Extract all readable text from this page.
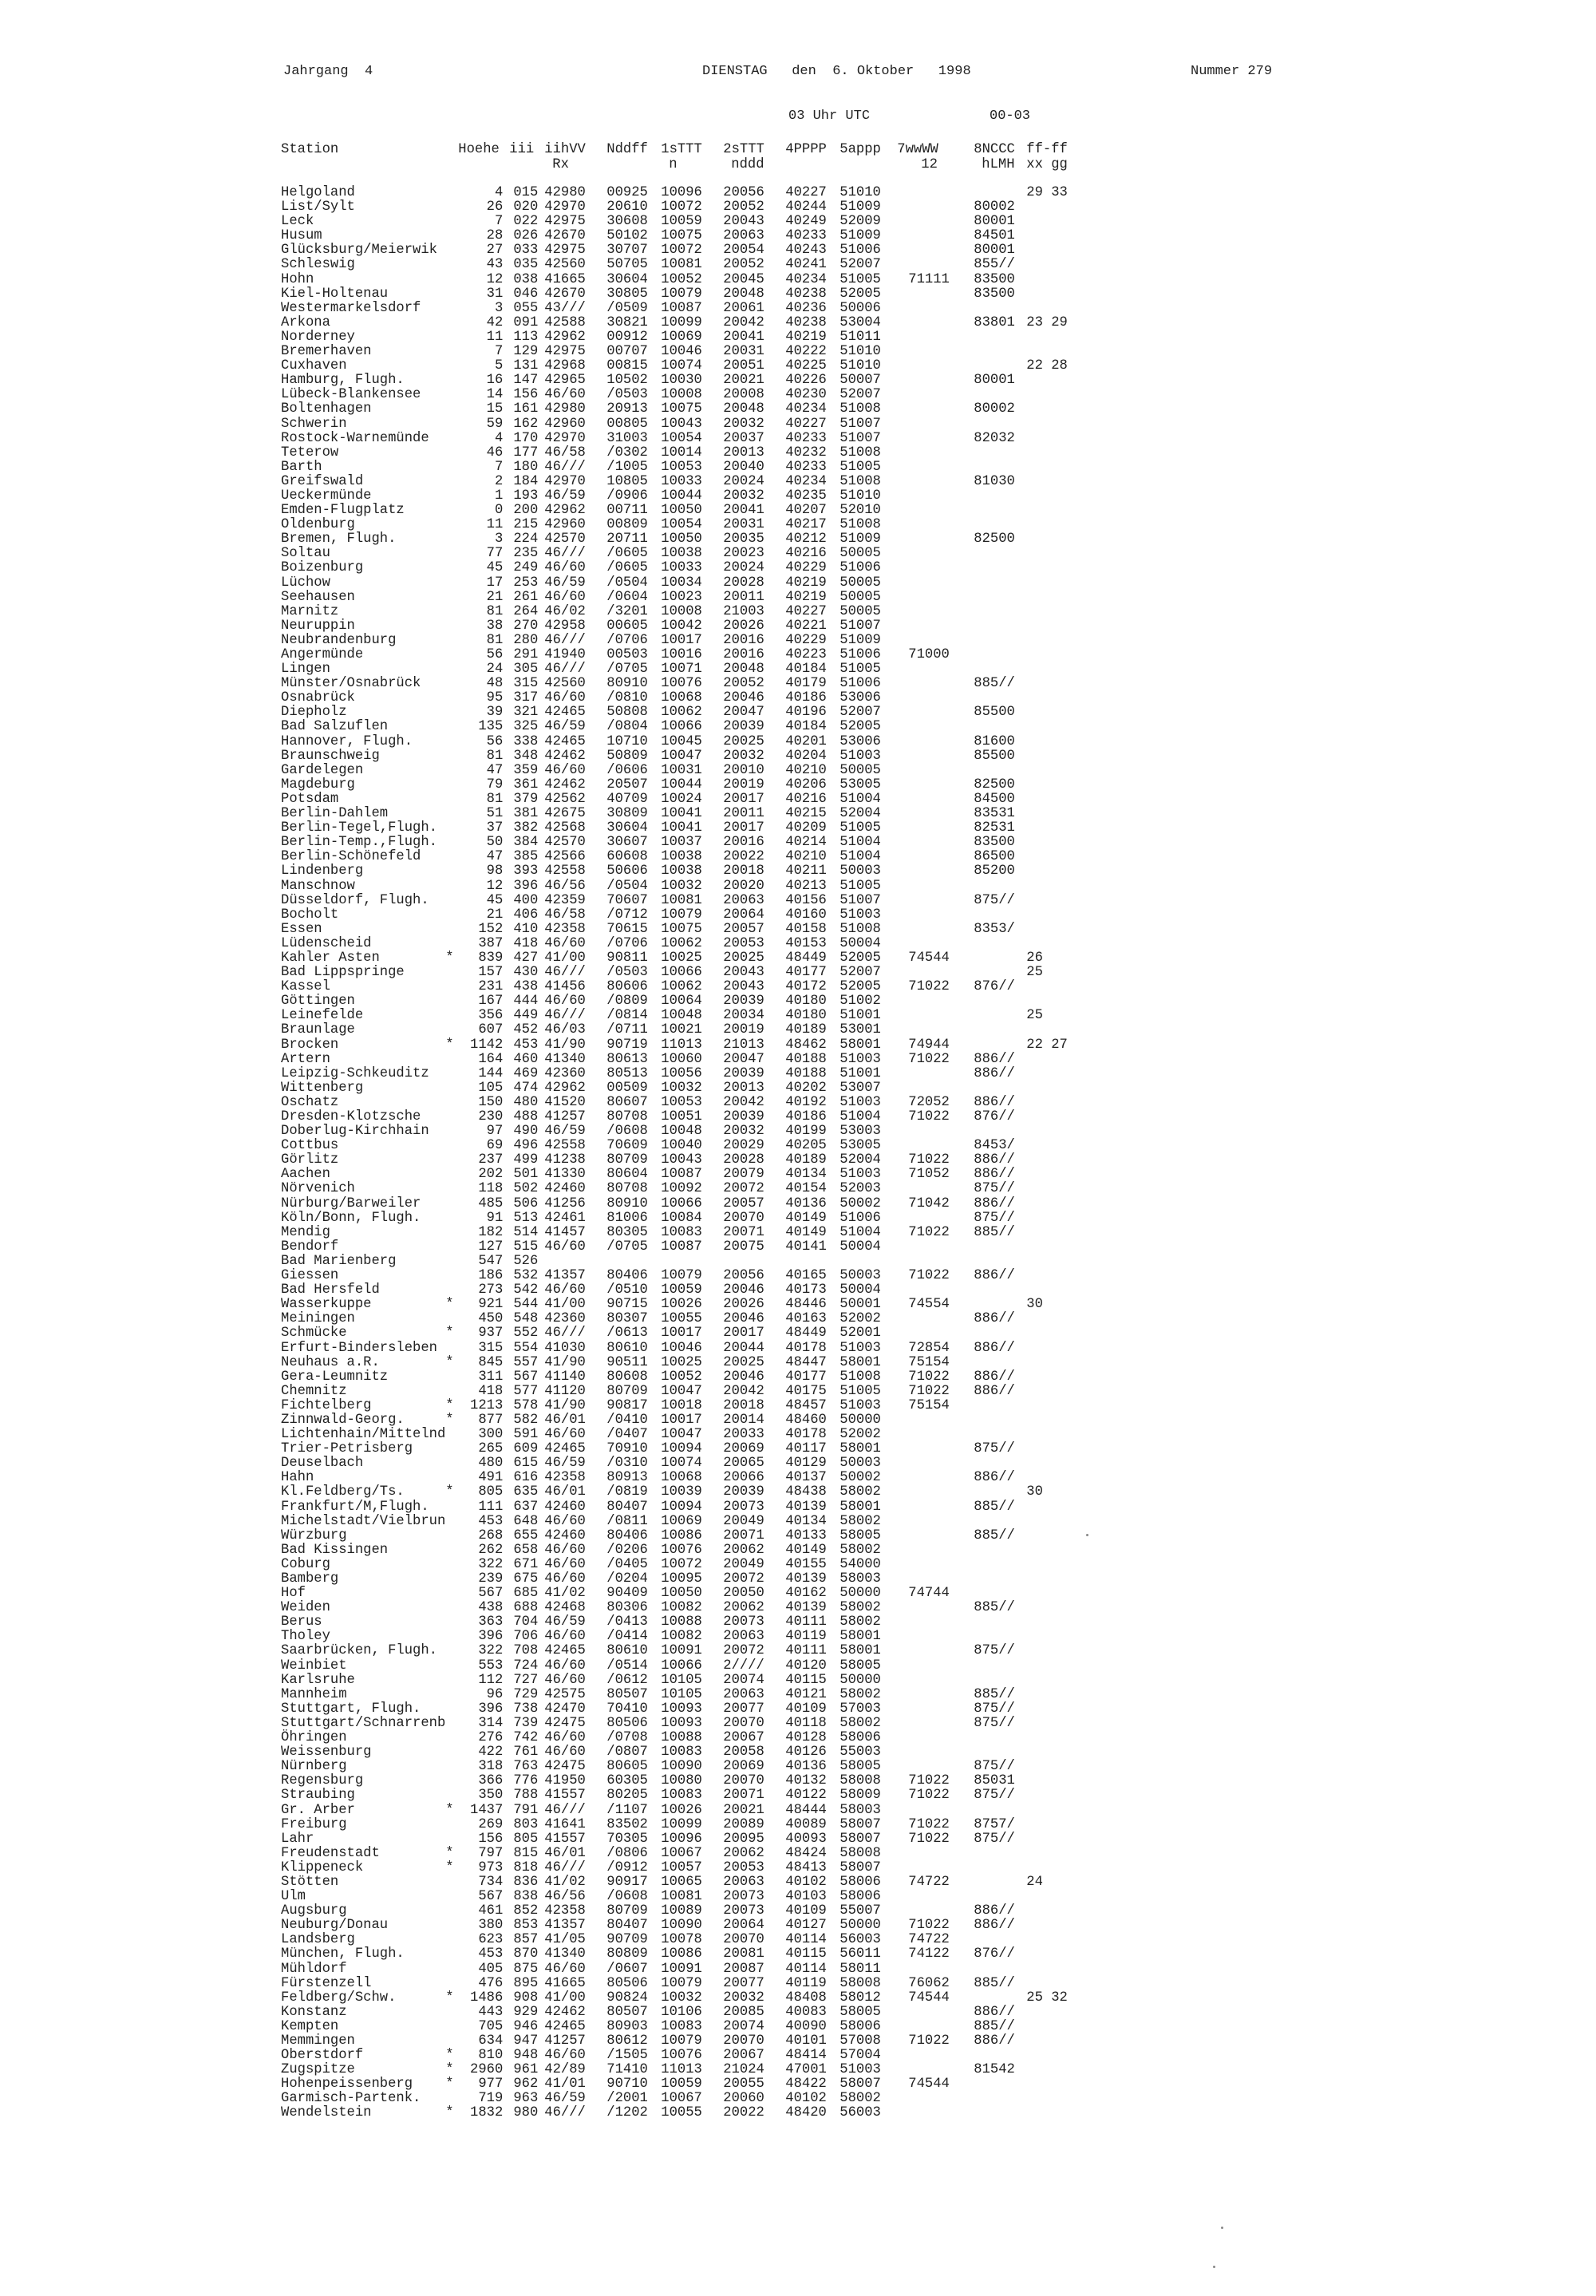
Jahrgang  4	DIENSTAG   den  6. Oktober   1998	Nummer 279
03 Uhr UTC	00-03
Station		Hoehe	iii	iihVV	Nddff	1sTTT	2sTTT	4PPPP	5appp	7wwWW	8NCCC	ff-ff
				Rx		n	nddd			12	hLMH	xx gg
Helgoland		4	015	42980	00925	10096	20056	40227	51010			29 33
List/Sylt		26	020	42970	20610	10072	20052	40244	51009		80002	
Leck		7	022	42975	30608	10059	20043	40249	52009		80001	
Husum		28	026	42670	50102	10075	20063	40233	51009		84501	
Glücksburg/Meierwik		27	033	42975	30707	10072	20054	40243	51006		80001	
Schleswig		43	035	42560	50705	10081	20052	40241	52007		855//	
Hohn		12	038	41665	30604	10052	20045	40234	51005	71111	83500	
Kiel-Holtenau		31	046	42670	30805	10079	20048	40238	52005		83500	
Westermarkelsdorf		3	055	43///	/0509	10087	20061	40236	50006			
Arkona		42	091	42588	30821	10099	20042	40238	53004		83801	23 29
Norderney		11	113	42962	00912	10069	20041	40219	51011			
Bremerhaven		7	129	42975	00707	10046	20031	40222	51010			
Cuxhaven		5	131	42968	00815	10074	20051	40225	51010			22 28
Hamburg, Flugh.		16	147	42965	10502	10030	20021	40226	50007		80001	
Lübeck-Blankensee		14	156	46/60	/0503	10008	20008	40230	52007			
Boltenhagen		15	161	42980	20913	10075	20048	40234	51008		80002	
Schwerin		59	162	42960	00805	10043	20032	40227	51007			
Rostock-Warnemünde		4	170	42970	31003	10054	20037	40233	51007		82032	
Teterow		46	177	46/58	/0302	10014	20013	40232	51008			
Barth		7	180	46///	/1005	10053	20040	40233	51005			
Greifswald		2	184	42970	10805	10033	20024	40234	51008		81030	
Ueckermünde		1	193	46/59	/0906	10044	20032	40235	51010			
Emden-Flugplatz		0	200	42962	00711	10050	20041	40207	52010			
Oldenburg		11	215	42960	00809	10054	20031	40217	51008			
Bremen, Flugh.		3	224	42570	20711	10050	20035	40212	51009		82500	
Soltau		77	235	46///	/0605	10038	20023	40216	50005			
Boizenburg		45	249	46/60	/0605	10033	20024	40229	51006			
Lüchow		17	253	46/59	/0504	10034	20028	40219	50005			
Seehausen		21	261	46/60	/0604	10023	20011	40219	50005			
Marnitz		81	264	46/02	/3201	10008	21003	40227	50005			
Neuruppin		38	270	42958	00605	10042	20026	40221	51007			
Neubrandenburg		81	280	46///	/0706	10017	20016	40229	51009			
Angermünde		56	291	41940	00503	10016	20016	40223	51006	71000		
Lingen		24	305	46///	/0705	10071	20048	40184	51005			
Münster/Osnabrück		48	315	42560	80910	10076	20052	40179	51006		885//	
Osnabrück		95	317	46/60	/0810	10068	20046	40186	53006			
Diepholz		39	321	42465	50808	10062	20047	40196	52007		85500	
Bad Salzuflen		135	325	46/59	/0804	10066	20039	40184	52005			
Hannover, Flugh.		56	338	42465	10710	10045	20025	40201	53006		81600	
Braunschweig		81	348	42462	50809	10047	20032	40204	51003		85500	
Gardelegen		47	359	46/60	/0606	10031	20010	40210	50005			
Magdeburg		79	361	42462	20507	10044	20019	40206	53005		82500	
Potsdam		81	379	42562	40709	10024	20017	40216	51004		84500	
Berlin-Dahlem		51	381	42675	30809	10041	20011	40215	52004		83531	
Berlin-Tegel,Flugh.		37	382	42568	30604	10041	20017	40209	51005		82531	
Berlin-Temp.,Flugh.		50	384	42570	30607	10037	20016	40214	51004		83500	
Berlin-Schönefeld		47	385	42566	60608	10038	20022	40210	51004		86500	
Lindenberg		98	393	42558	50606	10038	20018	40211	50003		85200	
Manschnow		12	396	46/56	/0504	10032	20020	40213	51005			
Düsseldorf, Flugh.		45	400	42359	70607	10081	20063	40156	51007		875//	
Bocholt		21	406	46/58	/0712	10079	20064	40160	51003			
Essen		152	410	42358	70615	10075	20057	40158	51008		8353/	
Lüdenscheid		387	418	46/60	/0706	10062	20053	40153	50004			
Kahler Asten	*	839	427	41/00	90811	10025	20025	48449	52005	74544		26
Bad Lippspringe		157	430	46///	/0503	10066	20043	40177	52007			25
Kassel		231	438	41456	80606	10062	20043	40172	52005	71022	876//	
Göttingen		167	444	46/60	/0809	10064	20039	40180	51002			
Leinefelde		356	449	46///	/0814	10048	20034	40180	51001			25
Braunlage		607	452	46/03	/0711	10021	20019	40189	53001			
Brocken	*	1142	453	41/90	90719	11013	21013	48462	58001	74944		22 27
Artern		164	460	41340	80613	10060	20047	40188	51003	71022	886//	
Leipzig-Schkeuditz		144	469	42360	80513	10056	20039	40188	51001		886//	
Wittenberg		105	474	42962	00509	10032	20013	40202	53007			
Oschatz		150	480	41520	80607	10053	20042	40192	51003	72052	886//	
Dresden-Klotzsche		230	488	41257	80708	10051	20039	40186	51004	71022	876//	
Doberlug-Kirchhain		97	490	46/59	/0608	10048	20032	40199	53003			
Cottbus		69	496	42558	70609	10040	20029	40205	53005		8453/	
Görlitz		237	499	41238	80709	10043	20028	40189	52004	71022	886//	
Aachen		202	501	41330	80604	10087	20079	40134	51003	71052	886//	
Nörvenich		118	502	42460	80708	10092	20072	40154	52003		875//	
Nürburg/Barweiler		485	506	41256	80910	10066	20057	40136	50002	71042	886//	
Köln/Bonn, Flugh.		91	513	42461	81006	10084	20070	40149	51006		875//	
Mendig		182	514	41457	80305	10083	20071	40149	51004	71022	885//	
Bendorf		127	515	46/60	/0705	10087	20075	40141	50004			
Bad Marienberg		547	526									
Giessen		186	532	41357	80406	10079	20056	40165	50003	71022	886//	
Bad Hersfeld		273	542	46/60	/0510	10059	20046	40173	50004			
Wasserkuppe	*	921	544	41/00	90715	10026	20026	48446	50001	74554		30
Meiningen		450	548	42360	80307	10055	20046	40163	52002		886//	
Schmücke	*	937	552	46///	/0613	10017	20017	48449	52001			
Erfurt-Bindersleben		315	554	41030	80610	10046	20044	40178	51003	72854	886//	
Neuhaus a.R.	*	845	557	41/90	90511	10025	20025	48447	58001	75154		
Gera-Leumnitz		311	567	41140	80608	10052	20046	40177	51008	71022	886//	
Chemnitz		418	577	41120	80709	10047	20042	40175	51005	71022	886//	
Fichtelberg	*	1213	578	41/90	90817	10018	20018	48457	51003	75154		
Zinnwald-Georg.	*	877	582	46/01	/0410	10017	20014	48460	50000			
Lichtenhain/Mittelnd		300	591	46/60	/0407	10047	20033	40178	52002			
Trier-Petrisberg		265	609	42465	70910	10094	20069	40117	58001		875//	
Deuselbach		480	615	46/59	/0310	10074	20065	40129	50003			
Hahn		491	616	42358	80913	10068	20066	40137	50002		886//	
Kl.Feldberg/Ts.	*	805	635	46/01	/0819	10039	20039	48438	58002			30
Frankfurt/M,Flugh.		111	637	42460	80407	10094	20073	40139	58001		885//	
Michelstadt/Vielbrun		453	648	46/60	/0811	10069	20049	40134	58002			
Würzburg		268	655	42460	80406	10086	20071	40133	58005		885//	
Bad Kissingen		262	658	46/60	/0206	10076	20062	40149	58002			
Coburg		322	671	46/60	/0405	10072	20049	40155	54000			
Bamberg		239	675	46/60	/0204	10095	20072	40139	58003			
Hof		567	685	41/02	90409	10050	20050	40162	50000	74744		
Weiden		438	688	42468	80306	10082	20062	40139	58002		885//	
Berus		363	704	46/59	/0413	10088	20073	40111	58002			
Tholey		396	706	46/60	/0414	10082	20063	40119	58001			
Saarbrücken, Flugh.		322	708	42465	80610	10091	20072	40111	58001		875//	
Weinbiet		553	724	46/60	/0514	10066	2////	40120	58005			
Karlsruhe		112	727	46/60	/0612	10105	20074	40115	50000			
Mannheim		96	729	42575	80507	10105	20063	40121	58002		885//	
Stuttgart, Flugh.		396	738	42470	70410	10093	20077	40109	57003		875//	
Stuttgart/Schnarrenb		314	739	42475	80506	10093	20070	40118	58002		875//	
Öhringen		276	742	46/60	/0708	10088	20067	40128	58006			
Weissenburg		422	761	46/60	/0807	10083	20058	40126	55003			
Nürnberg		318	763	42475	80605	10090	20069	40136	58005		875//	
Regensburg		366	776	41950	60305	10080	20070	40132	58008	71022	85031	
Straubing		350	788	41557	80205	10083	20071	40122	58009	71022	875//	
Gr. Arber	*	1437	791	46///	/1107	10026	20021	48444	58003			
Freiburg		269	803	41641	83502	10099	20089	40089	58007	71022	8757/	
Lahr		156	805	41557	70305	10096	20095	40093	58007	71022	875//	
Freudenstadt	*	797	815	46/01	/0806	10067	20062	48424	58008			
Klippeneck	*	973	818	46///	/0912	10057	20053	48413	58007			
Stötten		734	836	41/02	90917	10065	20063	40102	58006	74722		24
Ulm		567	838	46/56	/0608	10081	20073	40103	58006			
Augsburg		461	852	42358	80709	10089	20073	40109	55007		886//	
Neuburg/Donau		380	853	41357	80407	10090	20064	40127	50000	71022	886//	
Landsberg		623	857	41/05	90709	10078	20070	40114	56003	74722		
München, Flugh.		453	870	41340	80809	10086	20081	40115	56011	74122	876//	
Mühldorf		405	875	46/60	/0607	10091	20087	40114	58011			
Fürstenzell		476	895	41665	80506	10079	20077	40119	58008	76062	885//	
Feldberg/Schw.	*	1486	908	41/00	90824	10032	20032	48408	58012	74544		25 32
Konstanz		443	929	42462	80507	10106	20085	40083	58005		886//	
Kempten		705	946	42465	80903	10083	20074	40090	58006		885//	
Memmingen		634	947	41257	80612	10079	20070	40101	57008	71022	886//	
Oberstdorf	*	810	948	46/60	/1505	10076	20067	48414	57004			
Zugspitze	*	2960	961	42/89	71410	11013	21024	47001	51003		81542	
Hohenpeissenberg	*	977	962	41/01	90710	10059	20055	48422	58007	74544		
Garmisch-Partenk.		719	963	46/59	/2001	10067	20060	40102	58002			
Wendelstein	*	1832	980	46///	/1202	10055	20022	48420	56003			
